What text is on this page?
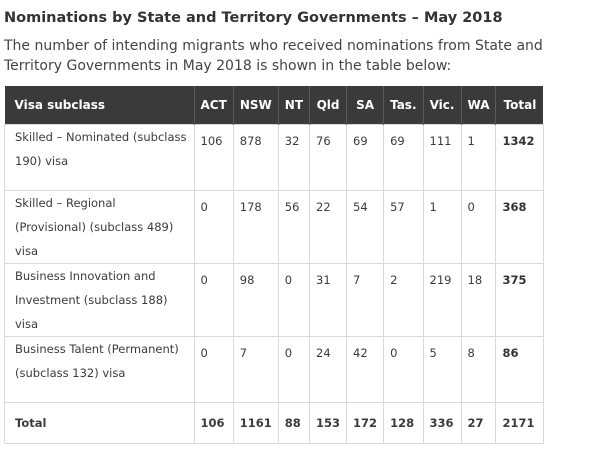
Nominations by State and Territory Governments – May 2018

The number of intending migrants who received nominations from State and Territory Governments in May 2018 is shown in the table below:

Visa subclass	ACT	NSW	NT	Qld	SA	Tas.	Vic.	WA	Total
Skilled – Nominated (subclass 190) visa	106	878	32	76	69	69	111	1	1342
Skilled – Regional (Provisional) (subclass 489) visa	0	178	56	22	54	57	1	0	368
Business Innovation and Investment (subclass 188) visa	0	98	0	31	7	2	219	18	375
Business Talent (Permanent) (subclass 132) visa	0	7	0	24	42	0	5	8	86
Total	106	1161	88	153	172	128	336	27	2171
